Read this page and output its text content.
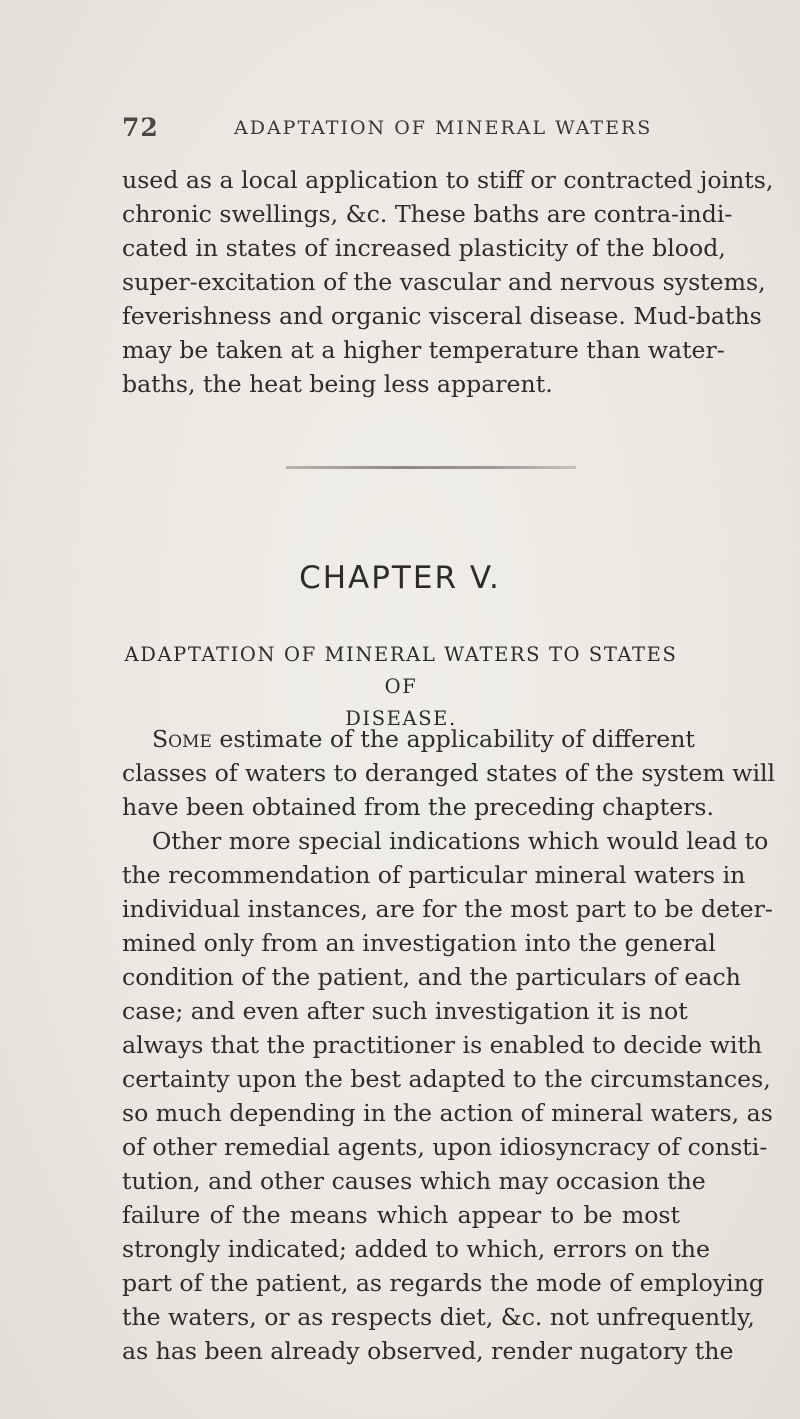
72	ADAPTATION OF MINERAL WATERS
used as a local application to stiff or contracted joints,
chronic swellings, &c. These baths are contra-indi-
cated in states of increased plasticity of the blood,
super-excitation of the vascular and nervous systems,
feverishness and organic visceral disease. Mud-baths
may be taken at a higher temperature than water-
baths, the heat being less apparent.
CHAPTER V.
ADAPTATION OF MINERAL WATERS TO STATES OF
DISEASE.
Some estimate of the applicability of different
classes of waters to deranged states of the system will
have been obtained from the preceding chapters.
Other more special indications which would lead to
the recommendation of particular mineral waters in
individual instances, are for the most part to be deter-
mined only from an investigation into the general
condition of the patient, and the particulars of each
case; and even after such investigation it is not
always that the practitioner is enabled to decide with
certainty upon the best adapted to the circumstances,
so much depending in the action of mineral waters, as
of other remedial agents, upon idiosyncracy of consti-
tution, and other causes which may occasion the
failure of the means which appear to be most
strongly indicated; added to which, errors on the
part of the patient, as regards the mode of employing
the waters, or as respects diet, &c. not unfrequently,
as has been already observed, render nugatory the
